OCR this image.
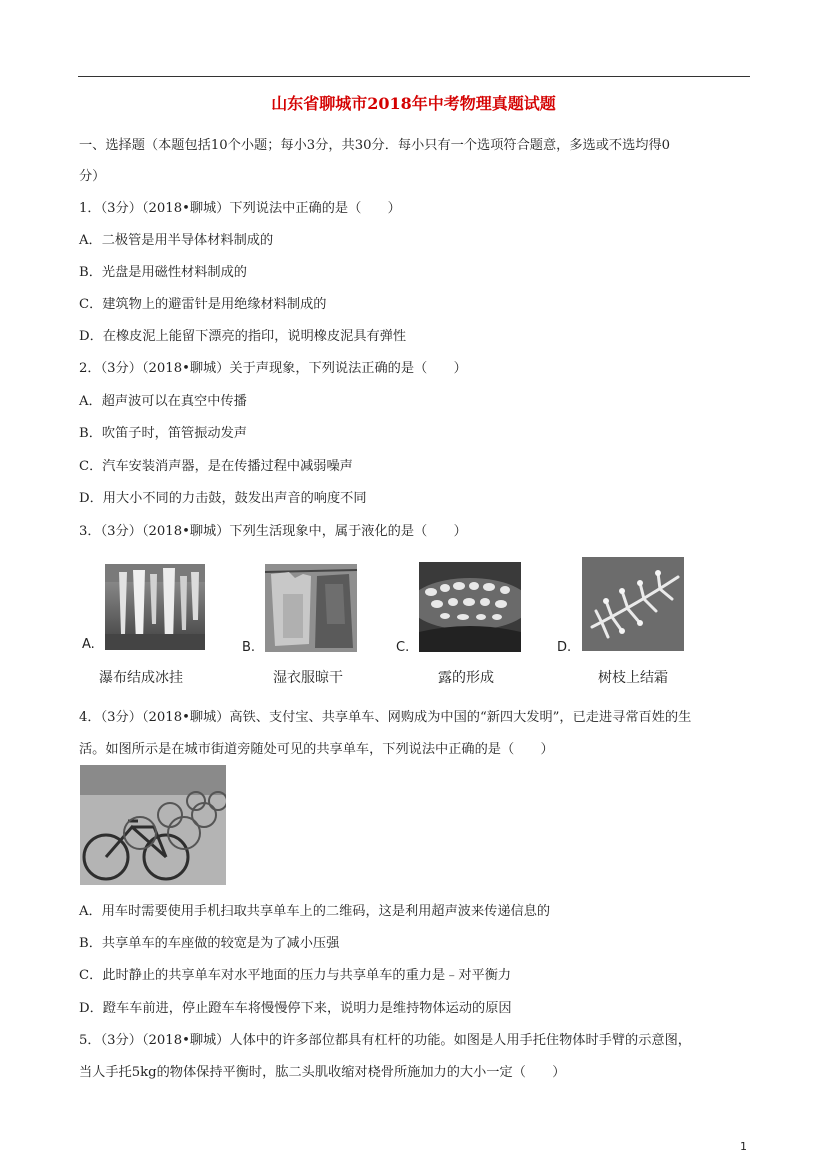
山东省聊城市2018年中考物理真题试题
一、选择题（本题包括10个小题；每小3分，共30分．每小只有一个选项符合题意，多选或不选均得0
分）
1．（3分）（2018•聊城）下列说法中正确的是（　　）
A．二极管是用半导体材料制成的
B．光盘是用磁性材料制成的
C．建筑物上的避雷针是用绝缘材料制成的
D．在橡皮泥上能留下漂亮的指印，说明橡皮泥具有弹性
2．（3分）（2018•聊城）关于声现象，下列说法正确的是（　　）
A．超声波可以在真空中传播
B．吹笛子时，笛管振动发声
C．汽车安装消声器，是在传播过程中减弱噪声
D．用大小不同的力击鼓，鼓发出声音的响度不同
3．（3分）（2018•聊城）下列生活现象中，属于液化的是（　　）
A.
瀑布结成冰挂
B.
湿衣服晾干
C.
露的形成
D.
树枝上结霜
4．（3分）（2018•聊城）高铁、支付宝、共享单车、网购成为中国的“新四大发明”，已走进寻常百姓的生
活。如图所示是在城市街道旁随处可见的共享单车，下列说法中正确的是（　　）
A．用车时需要使用手机扫取共享单车上的二维码，这是利用超声波来传递信息的
B．共享单车的车座做的较宽是为了减小压强
C．此时静止的共享单车对水平地面的压力与共享单车的重力是﹣对平衡力
D．蹬车车前进，停止蹬车车将慢慢停下来，说明力是维持物体运动的原因
5．（3分）（2018•聊城）人体中的许多部位都具有杠杆的功能。如图是人用手托住物体时手臂的示意图，
当人手托5kg的物体保持平衡时，肱二头肌收缩对桡骨所施加力的大小一定（　　）
1
